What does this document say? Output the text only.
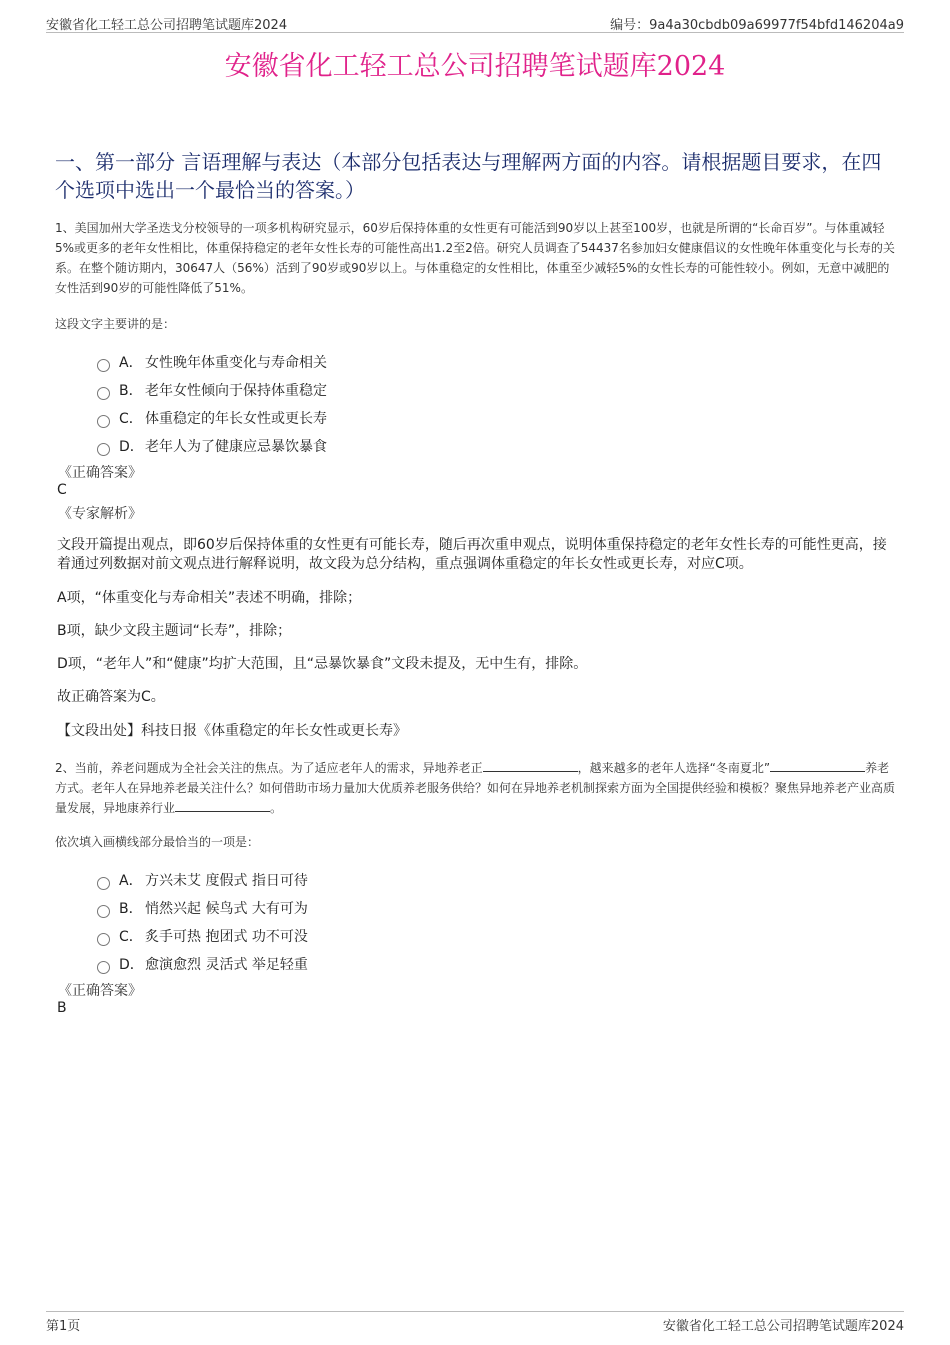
安徽省化工轻工总公司招聘笔试题库2024	编号：9a4a30cbdb09a69977f54bfd146204a9
安徽省化工轻工总公司招聘笔试题库2024
一、第一部分 言语理解与表达（本部分包括表达与理解两方面的内容。请根据题目要求，在四个选项中选出一个最恰当的答案。）
1、美国加州大学圣迭戈分校领导的一项多机构研究显示，60岁后保持体重的女性更有可能活到90岁以上甚至100岁，也就是所谓的“长命百岁”。与体重减轻5%或更多的老年女性相比，体重保持稳定的老年女性长寿的可能性高出1.2至2倍。研究人员调查了54437名参加妇女健康倡议的女性晚年体重变化与长寿的关系。在整个随访期内，30647人（56%）活到了90岁或90岁以上。与体重稳定的女性相比，体重至少减轻5%的女性长寿的可能性较小。例如，无意中减肥的女性活到90岁的可能性降低了51%。
这段文字主要讲的是：
A． 女性晚年体重变化与寿命相关
B． 老年女性倾向于保持体重稳定
C． 体重稳定的年长女性或更长寿
D． 老年人为了健康应忌暴饮暴食
《正确答案》
C
《专家解析》
文段开篇提出观点，即60岁后保持体重的女性更有可能长寿，随后再次重申观点，说明体重保持稳定的老年女性长寿的可能性更高，接着通过列数据对前文观点进行解释说明，故文段为总分结构，重点强调体重稳定的年长女性或更长寿，对应C项。
A项，“体重变化与寿命相关”表述不明确，排除；
B项，缺少文段主题词“长寿”，排除；
D项，“老年人”和“健康”均扩大范围，且“忌暴饮暴食”文段未提及，无中生有，排除。
故正确答案为C。
【文段出处】科技日报《体重稳定的年长女性或更长寿》
2、当前，养老问题成为全社会关注的焦点。为了适应老年人的需求，异地养老正	，越来越多的老年人选择“冬南夏北”	养老方式。老年人在异地养老最关注什么？如何借助市场力量加大优质养老服务供给？如何在异地养老机制探索方面为全国提供经验和模板？聚焦异地养老产业高质量发展，异地康养行业	。
依次填入画横线部分最恰当的一项是：
A． 方兴未艾 度假式 指日可待
B． 悄然兴起 候鸟式 大有可为
C． 炙手可热 抱团式 功不可没
D． 愈演愈烈 灵活式 举足轻重
《正确答案》
B
第1页	安徽省化工轻工总公司招聘笔试题库2024
